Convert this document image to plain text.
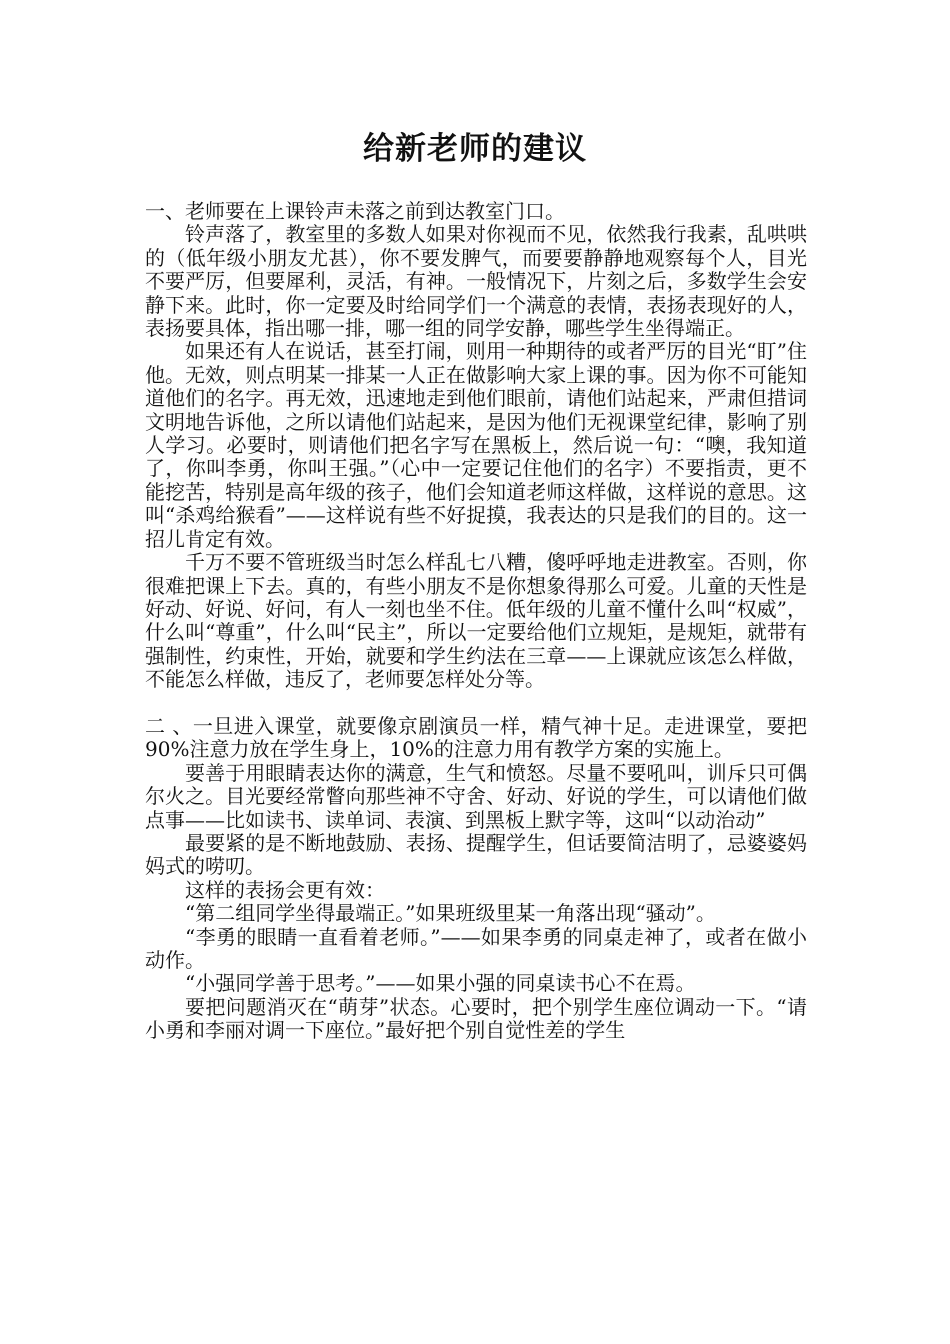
给新老师的建议

一、老师要在上课铃声未落之前到达教室门口。

铃声落了，教室里的多数人如果对你视而不见，依然我行我素，乱哄哄的（低年级小朋友尤甚），你不要发脾气，而要要静静地观察每个人，目光不要严厉，但要犀利，灵活，有神。一般情况下，片刻之后，多数学生会安静下来。此时，你一定要及时给同学们一个满意的表情，表扬表现好的人，表扬要具体，指出哪一排，哪一组的同学安静，哪些学生坐得端正。

如果还有人在说话，甚至打闹，则用一种期待的或者严厉的目光“盯”住他。无效，则点明某一排某一人正在做影响大家上课的事。因为你不可能知道他们的名字。再无效，迅速地走到他们眼前，请他们站起来，严肃但措词文明地告诉他，之所以请他们站起来，是因为他们无视课堂纪律，影响了别人学习。必要时，则请他们把名字写在黑板上，然后说一句：“噢，我知道了，你叫李勇，你叫王强。”（心中一定要记住他们的名字）不要指责，更不能挖苦，特别是高年级的孩子，他们会知道老师这样做，这样说的意思。这叫“杀鸡给猴看”——这样说有些不好捉摸，我表达的只是我们的目的。这一招儿肯定有效。

千万不要不管班级当时怎么样乱七八糟，傻呼呼地走进教室。否则，你很难把课上下去。真的，有些小朋友不是你想象得那么可爱。儿童的天性是好动、好说、好问，有人一刻也坐不住。低年级的儿童不懂什么叫“权威”，什么叫“尊重”，什么叫“民主”，所以一定要给他们立规矩，是规矩，就带有强制性，约束性，开始，就要和学生约法在三章——上课就应该怎么样做，不能怎么样做，违反了，老师要怎样处分等。

二 、一旦进入课堂，就要像京剧演员一样，精气神十足。走进课堂，要把 90%注意力放在学生身上，10%的注意力用有教学方案的实施上。

要善于用眼睛表达你的满意，生气和愤怒。尽量不要吼叫，训斥只可偶尔火之。目光要经常瞥向那些神不守舍、好动、好说的学生，可以请他们做点事——比如读书、读单词、表演、到黑板上默字等，这叫“以动治动”

最要紧的是不断地鼓励、表扬、提醒学生，但话要简洁明了，忌婆婆妈妈式的唠叨。

这样的表扬会更有效：

“第二组同学坐得最端正。”如果班级里某一角落出现“骚动”。

“李勇的眼睛一直看着老师。”——如果李勇的同桌走神了，或者在做小动作。

“小强同学善于思考。”——如果小强的同桌读书心不在焉。

要把问题消灭在“萌芽”状态。心要时，把个别学生座位调动一下。“请小勇和李丽对调一下座位。”最好把个别自觉性差的学生
